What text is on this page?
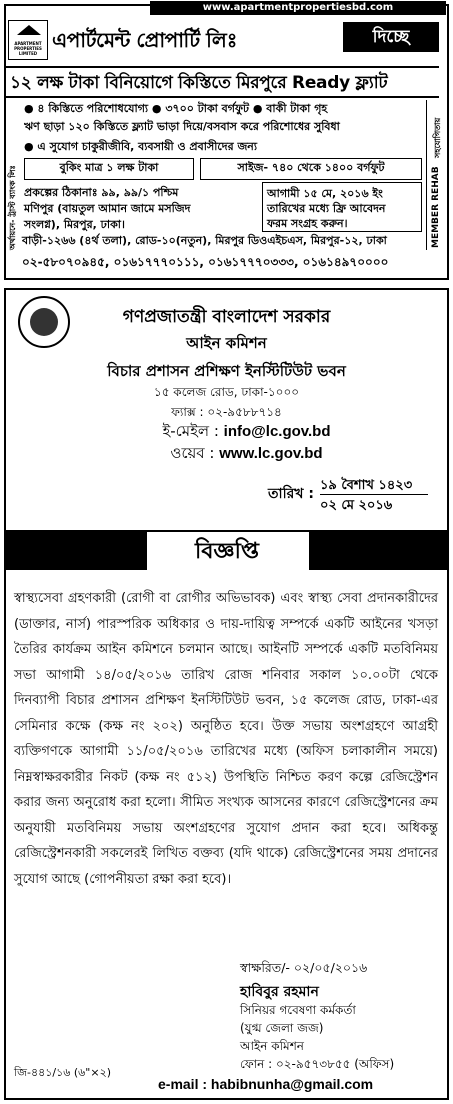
www.apartmentpropertiesbd.com
APARTMENT PROPERTIES LIMITED
এপার্টমেন্ট প্রোপার্টি লিঃ	দিচ্ছে
১২ লক্ষ টাকা বিনিয়োগে কিস্তিতে মিরপুরে Ready ফ্ল্যাট
অর্থায়নে- ট্রাস্ট ব্যাংক লিঃ
সহযোগিতায়
MEMBER REHAB
● ৪ কিস্তিতে পরিশোধযোগ্য ● ৩৭০০ টাকা বর্গফুট ● বাকী টাকা গৃহ
ঋণ ছাড়া ১২০ কিস্তিতে ফ্ল্যাট ভাড়া দিয়ে/বসবাস করে পরিশোধের সুবিধা
● এ সুযোগ চাকুরীজীবি, ব্যবসায়ী ও প্রবাসীদের জন্য
বুকিং মাত্র ১ লক্ষ টাকা	সাইজ- ৭৪০ থেকে ১৪০০ বর্গফুট
প্রকল্পের ঠিকানাঃ ৯৯, ৯৯/১ পশ্চিম
মণিপুর (বায়তুল আমান জামে মসজিদ
সংলগ্ন), মিরপুর, ঢাকা।
আগামী ১৫ মে, ২০১৬ ইং
তারিখের মধ্যে ফ্রি আবেদন
ফরম সংগ্রহ করুন।
বাড়ী-১২৬৬ (৪র্থ তলা), রোড-১০(নতুন), মিরপুর ডিওএইচএস, মিরপুর-১২, ঢাকা
০২-৫৮০৭০৯৪৫, ০১৬১৭৭৭০১১১, ০১৬১৭৭৭০৩৩৩, ০১৬১৪৯৭০০০০
গণপ্রজাতন্ত্রী বাংলাদেশ সরকার
আইন কমিশন
বিচার প্রশাসন প্রশিক্ষণ ইনস্টিটিউট ভবন
১৫ কলেজ রোড, ঢাকা-১০০০
ফ্যাক্স : ০২-৯৫৮৮৭১৪
ই-মেইল : info@lc.gov.bd
ওয়েব : www.lc.gov.bd
তারিখ :
১৯ বৈশাখ ১৪২৩
০২ মে ২০১৬
বিজ্ঞপ্তি
স্বাস্থ্যসেবা গ্রহণকারী (রোগী বা রোগীর অভিভাবক) এবং স্বাস্থ্য সেবা প্রদানকারীদের (ডাক্তার, নার্স) পারস্পরিক অধিকার ও দায়-দায়িত্ব সম্পর্কে একটি আইনের খসড়া তৈরির কার্যক্রম আইন কমিশনে চলমান আছে। আইনটি সম্পর্কে একটি মতবিনিময় সভা আগামী ১৪/০৫/২০১৬ তারিখ রোজ শনিবার সকাল ১০.০০টা থেকে দিনব্যাপী বিচার প্রশাসন প্রশিক্ষণ ইনস্টিটিউট ভবন, ১৫ কলেজ রোড, ঢাকা-এর সেমিনার কক্ষে (কক্ষ নং ২০২) অনুষ্ঠিত হবে। উক্ত সভায় অংশগ্রহণে আগ্রহী ব্যক্তিগণকে আগামী ১১/০৫/২০১৬ তারিখের মধ্যে (অফিস চলাকালীন সময়ে) নিম্নস্বাক্ষরকারীর নিকট (কক্ষ নং ৫১২) উপস্থিতি নিশ্চিত করণ কল্পে রেজিস্ট্রেশন করার জন্য অনুরোধ করা হলো। সীমিত সংখ্যক আসনের কারণে রেজিস্ট্রেশনের ক্রম অনুযায়ী মতবিনিময় সভায় অংশগ্রহণের সুযোগ প্রদান করা হবে। অধিকন্তু রেজিস্ট্রেশনকারী সকলেরই লিখিত বক্তব্য (যদি থাকে) রেজিস্ট্রেশনের সময় প্রদানের সুযোগ আছে (গোপনীয়তা রক্ষা করা হবে)।
স্বাক্ষরিত/- ০২/০৫/২০১৬
হাবিবুর রহমান
সিনিয়র গবেষণা কর্মকর্তা
(যুগ্ম জেলা জজ)
আইন কমিশন
ফোন : ০২-৯৫৭৩৮৫৫ (অফিস)
e-mail : habibnunha@gmail.com
জি-৪৪১/১৬ (৬"×২)
